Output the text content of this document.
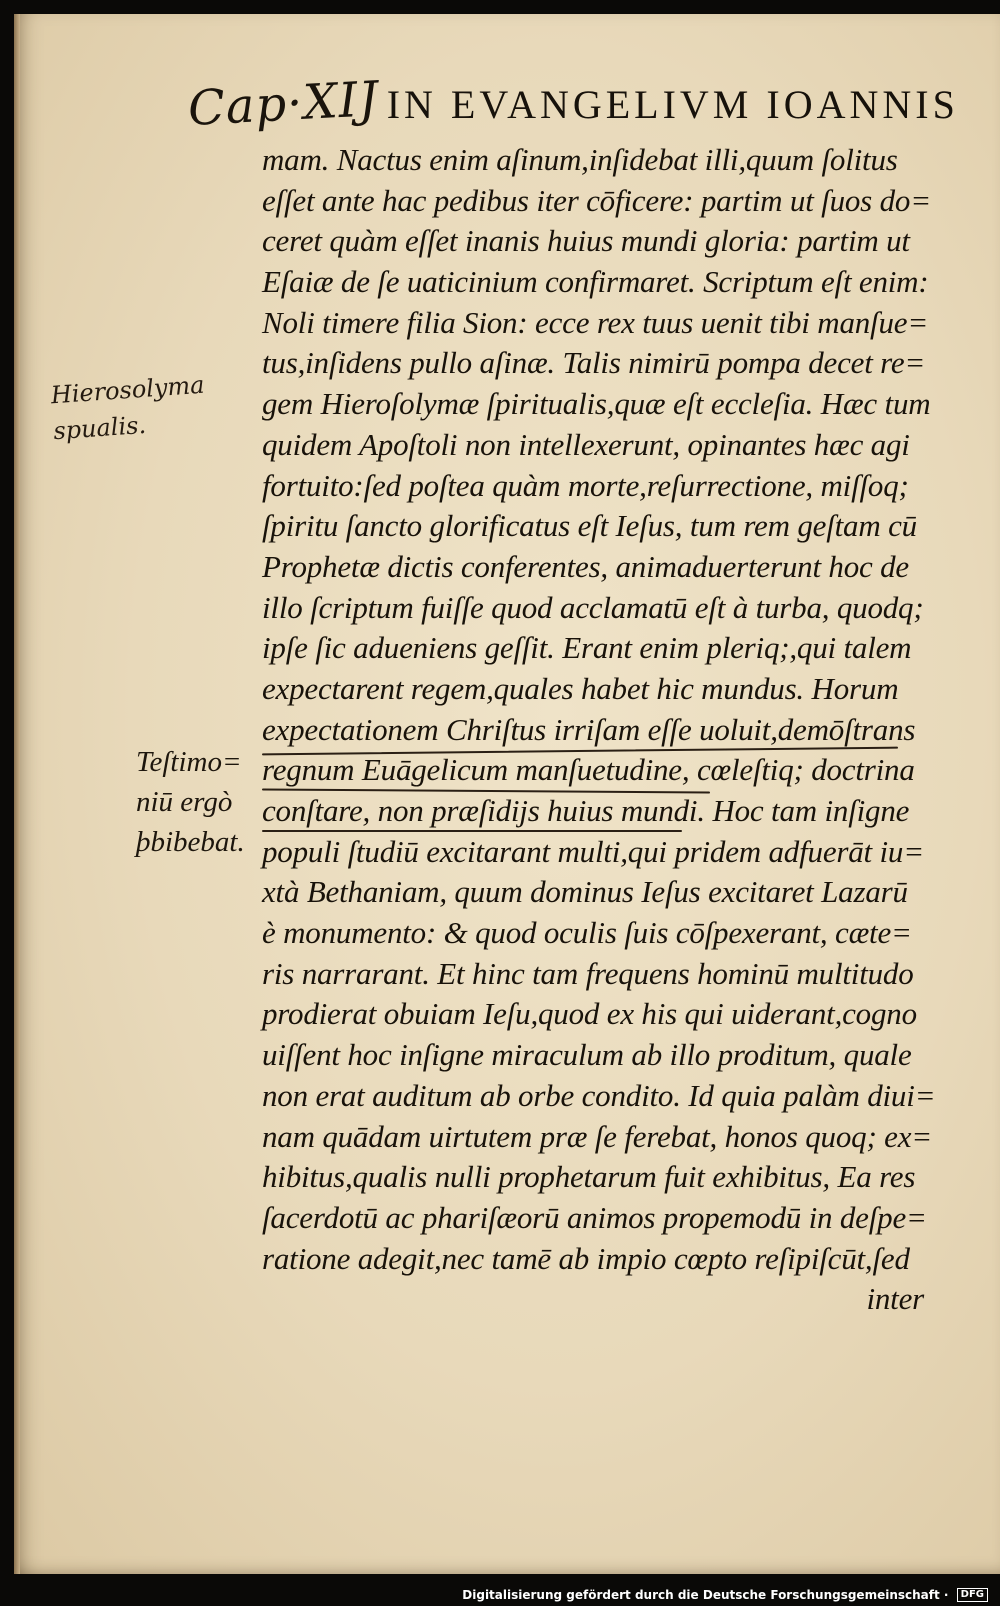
Cap·XIJ IN EVANGELIVM IOANNIS
Hierosolyma
spualis.
Teſtimo=
niū ergò
þbibebat.
mam. Nactus enim aſinum,inſidebat illi,quum ſolitus
eſſet ante hac pedibus iter cōficere: partim ut ſuos do=
ceret quàm eſſet inanis huius mundi gloria: partim ut
Eſaiæ de ſe uaticinium confirmaret. Scriptum eſt enim:
Noli timere filia Sion: ecce rex tuus uenit tibi manſue=
tus,inſidens pullo aſinæ. Talis nimirū pompa decet re=
gem Hieroſolymæ ſpiritualis,quæ eſt eccleſia. Hæc tum
quidem Apoſtoli non intellexerunt, opinantes hæc agi
fortuito:ſed poſtea quàm morte,reſurrectione, miſſoq;
ſpiritu ſancto glorificatus eſt Ieſus, tum rem geſtam cū
Prophetæ dictis conferentes, animaduerterunt hoc de
illo ſcriptum fuiſſe quod acclamatū eſt à turba, quodq;
ipſe ſic adueniens geſſit. Erant enim pleriq;,qui talem
expectarent regem,quales habet hic mundus. Horum
expectationem Chriſtus irriſam eſſe uoluit,demōſtrans
regnum Euāgelicum manſuetudine, cœleſtiq; doctrina
conſtare, non præſidijs huius mundi. Hoc tam inſigne
populi ſtudiū excitarant multi,qui pridem adfuerāt iu=
xtà Bethaniam, quum dominus Ieſus excitaret Lazarū
è monumento: & quod oculis ſuis cōſpexerant, cæte=
ris narrarant. Et hinc tam frequens hominū multitudo
prodierat obuiam Ieſu,quod ex his qui uiderant,cogno
uiſſent hoc inſigne miraculum ab illo proditum, quale
non erat auditum ab orbe condito. Id quia palàm diui=
nam quādam uirtutem præ ſe ferebat, honos quoq; ex=
hibitus,qualis nulli prophetarum fuit exhibitus, Ea res
ſacerdotū ac phariſæorū animos propemodū in deſpe=
ratione adegit,nec tamē ab impio cœpto reſipiſcūt,ſed
inter
Digitalisierung gefördert durch die Deutsche Forschungsgemeinschaft · DFG
